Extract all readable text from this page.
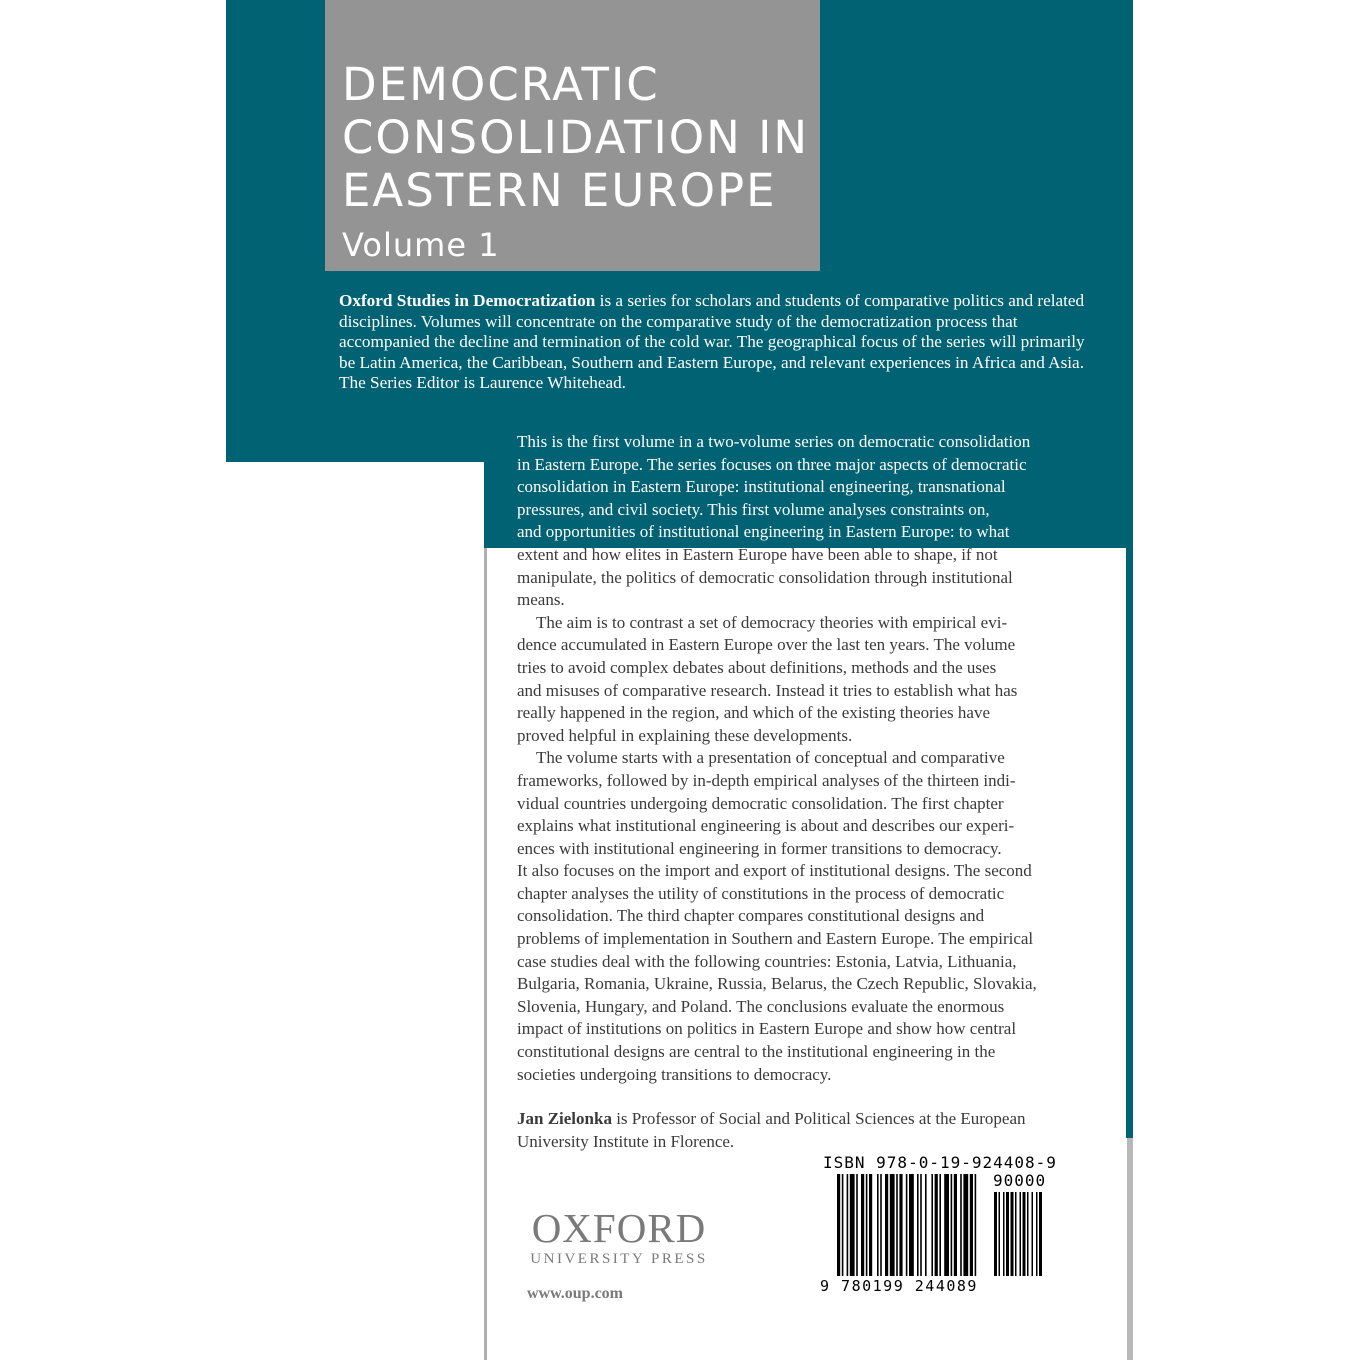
DEMOCRATIC
CONSOLIDATION IN
EASTERN EUROPE
Volume 1

Oxford Studies in Democratization is a series for scholars and students of comparative politics and related disciplines. Volumes will concentrate on the comparative study of the democratization process that accompanied the decline and termination of the cold war. The geographical focus of the series will primarily be Latin America, the Caribbean, Southern and Eastern Europe, and relevant experiences in Africa and Asia. The Series Editor is Laurence Whitehead.

This is the first volume in a two-volume series on democratic consolidation

in Eastern Europe. The series focuses on three major aspects of democratic

consolidation in Eastern Europe: institutional engineering, transnational

pressures, and civil society. This first volume analyses constraints on,

and opportunities of institutional engineering in Eastern Europe: to what

extent and how elites in Eastern Europe have been able to shape, if not

manipulate, the politics of democratic consolidation through institutional

means.

The aim is to contrast a set of democracy theories with empirical evi-

dence accumulated in Eastern Europe over the last ten years. The volume

tries to avoid complex debates about definitions, methods and the uses

and misuses of comparative research. Instead it tries to establish what has

really happened in the region, and which of the existing theories have

proved helpful in explaining these developments.

The volume starts with a presentation of conceptual and comparative

frameworks, followed by in-depth empirical analyses of the thirteen indi-

vidual countries undergoing democratic consolidation. The first chapter

explains what institutional engineering is about and describes our experi-

ences with institutional engineering in former transitions to democracy.

It also focuses on the import and export of institutional designs. The second

chapter analyses the utility of constitutions in the process of democratic

consolidation. The third chapter compares constitutional designs and

problems of implementation in Southern and Eastern Europe. The empirical

case studies deal with the following countries: Estonia, Latvia, Lithuania,

Bulgaria, Romania, Ukraine, Russia, Belarus, the Czech Republic, Slovakia,

Slovenia, Hungary, and Poland. The conclusions evaluate the enormous

impact of institutions on politics in Eastern Europe and show how central

constitutional designs are central to the institutional engineering in the

societies undergoing transitions to democracy.

Jan Zielonka is Professor of Social and Political Sciences at the European

University Institute in Florence.

ISBN 978-0-19-924408-9
90000
9 780199 244089
OXFORD
UNIVERSITY PRESS
www.oup.com
